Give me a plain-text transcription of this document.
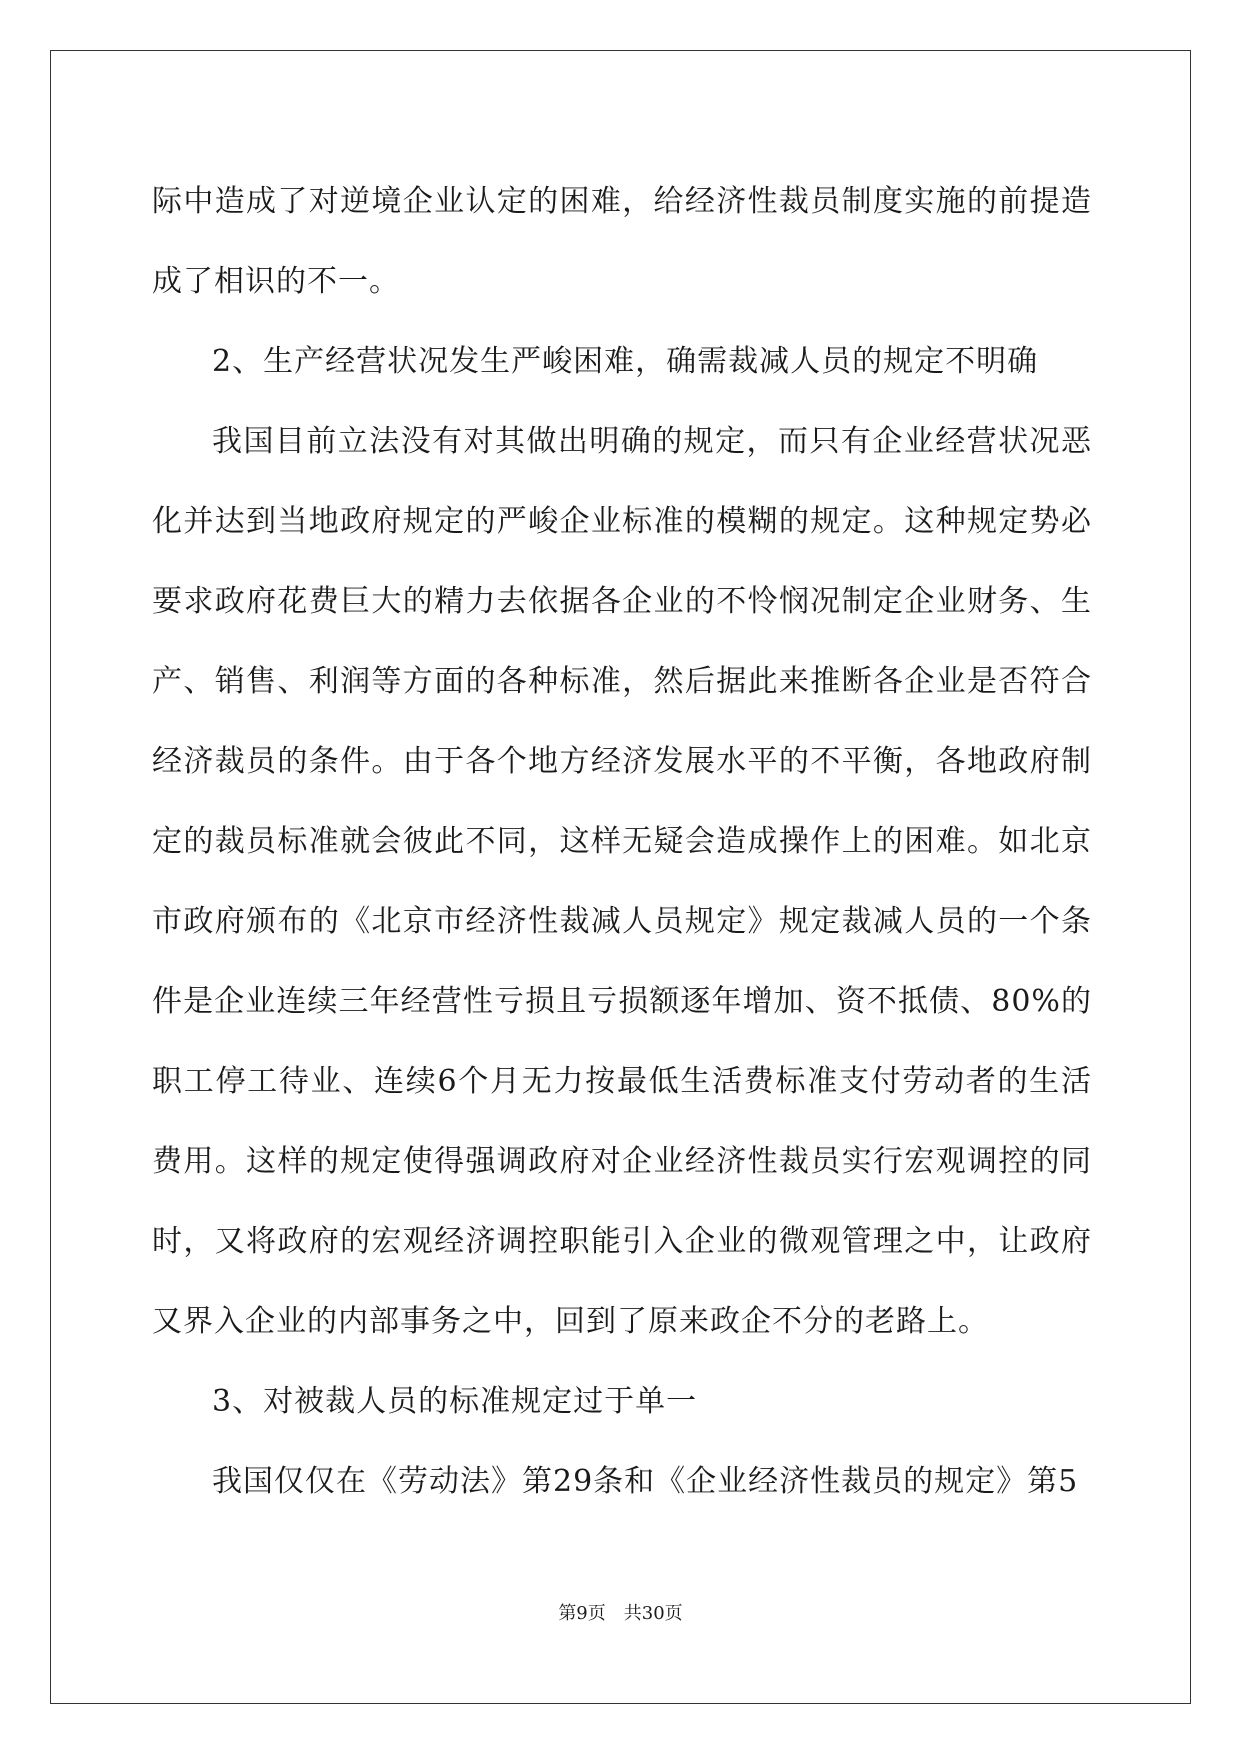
际中造成了对逆境企业认定的困难，给经济性裁员制度实施的前提造成了相识的不一。

2、生产经营状况发生严峻困难，确需裁减人员的规定不明确

我国目前立法没有对其做出明确的规定，而只有企业经营状况恶化并达到当地政府规定的严峻企业标准的模糊的规定。这种规定势必要求政府花费巨大的精力去依据各企业的不怜悯况制定企业财务、生产、销售、利润等方面的各种标准，然后据此来推断各企业是否符合经济裁员的条件。由于各个地方经济发展水平的不平衡，各地政府制定的裁员标准就会彼此不同，这样无疑会造成操作上的困难。如北京市政府颁布的《北京市经济性裁减人员规定》规定裁减人员的一个条件是企业连续三年经营性亏损且亏损额逐年增加、资不抵债、80%的职工停工待业、连续6个月无力按最低生活费标准支付劳动者的生活费用。这样的规定使得强调政府对企业经济性裁员实行宏观调控的同时，又将政府的宏观经济调控职能引入企业的微观管理之中，让政府又界入企业的内部事务之中，回到了原来政企不分的老路上。

3、对被裁人员的标准规定过于单一

我国仅仅在《劳动法》第29条和《企业经济性裁员的规定》第5

第9页　共30页
